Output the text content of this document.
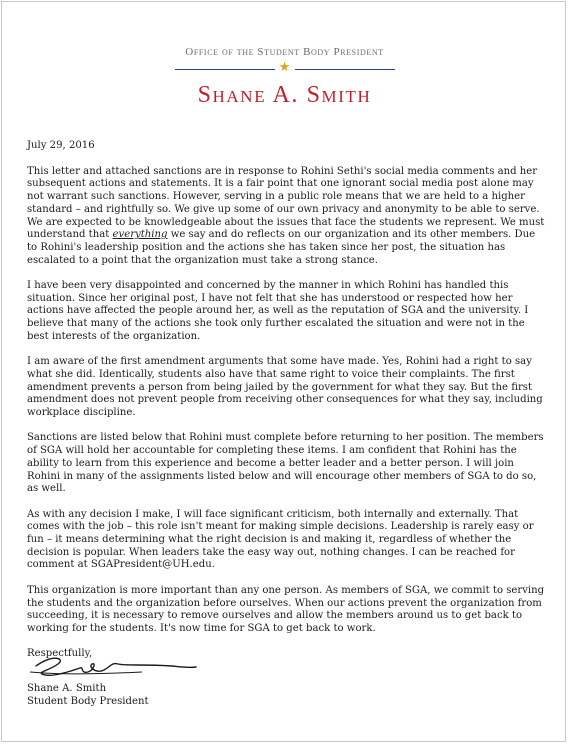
Office of the Student Body President
★
Shane A. Smith
July 29, 2016

This letter and attached sanctions are in response to Rohini Sethi's social media comments and her subsequent actions and statements. It is a fair point that one ignorant social media post alone may not warrant such sanctions. However, serving in a public role means that we are held to a higher standard – and rightfully so. We give up some of our own privacy and anonymity to be able to serve. We are expected to be knowledgeable about the issues that face the students we represent. We must understand that everything we say and do reflects on our organization and its other members. Due to Rohini's leadership position and the actions she has taken since her post, the situation has escalated to a point that the organization must take a strong stance.

I have been very disappointed and concerned by the manner in which Rohini has handled this situation. Since her original post, I have not felt that she has understood or respected how her actions have affected the people around her, as well as the reputation of SGA and the university. I believe that many of the actions she took only further escalated the situation and were not in the best interests of the organization.

I am aware of the first amendment arguments that some have made. Yes, Rohini had a right to say what she did. Identically, students also have that same right to voice their complaints. The first amendment prevents a person from being jailed by the government for what they say. But the first amendment does not prevent people from receiving other consequences for what they say, including workplace discipline.

Sanctions are listed below that Rohini must complete before returning to her position. The members of SGA will hold her accountable for completing these items. I am confident that Rohini has the ability to learn from this experience and become a better leader and a better person. I will join Rohini in many of the assignments listed below and will encourage other members of SGA to do so, as well.

As with any decision I make, I will face significant criticism, both internally and externally. That comes with the job – this role isn't meant for making simple decisions. Leadership is rarely easy or fun – it means determining what the right decision is and making it, regardless of whether the decision is popular. When leaders take the easy way out, nothing changes. I can be reached for comment at SGAPresident@UH.edu.

This organization is more important than any one person. As members of SGA, we commit to serving the students and the organization before ourselves. When our actions prevent the organization from succeeding, it is necessary to remove ourselves and allow the members around us to get back to working for the students. It's now time for SGA to get back to work.

Respectfully,
Shane A. Smith
Student Body President
